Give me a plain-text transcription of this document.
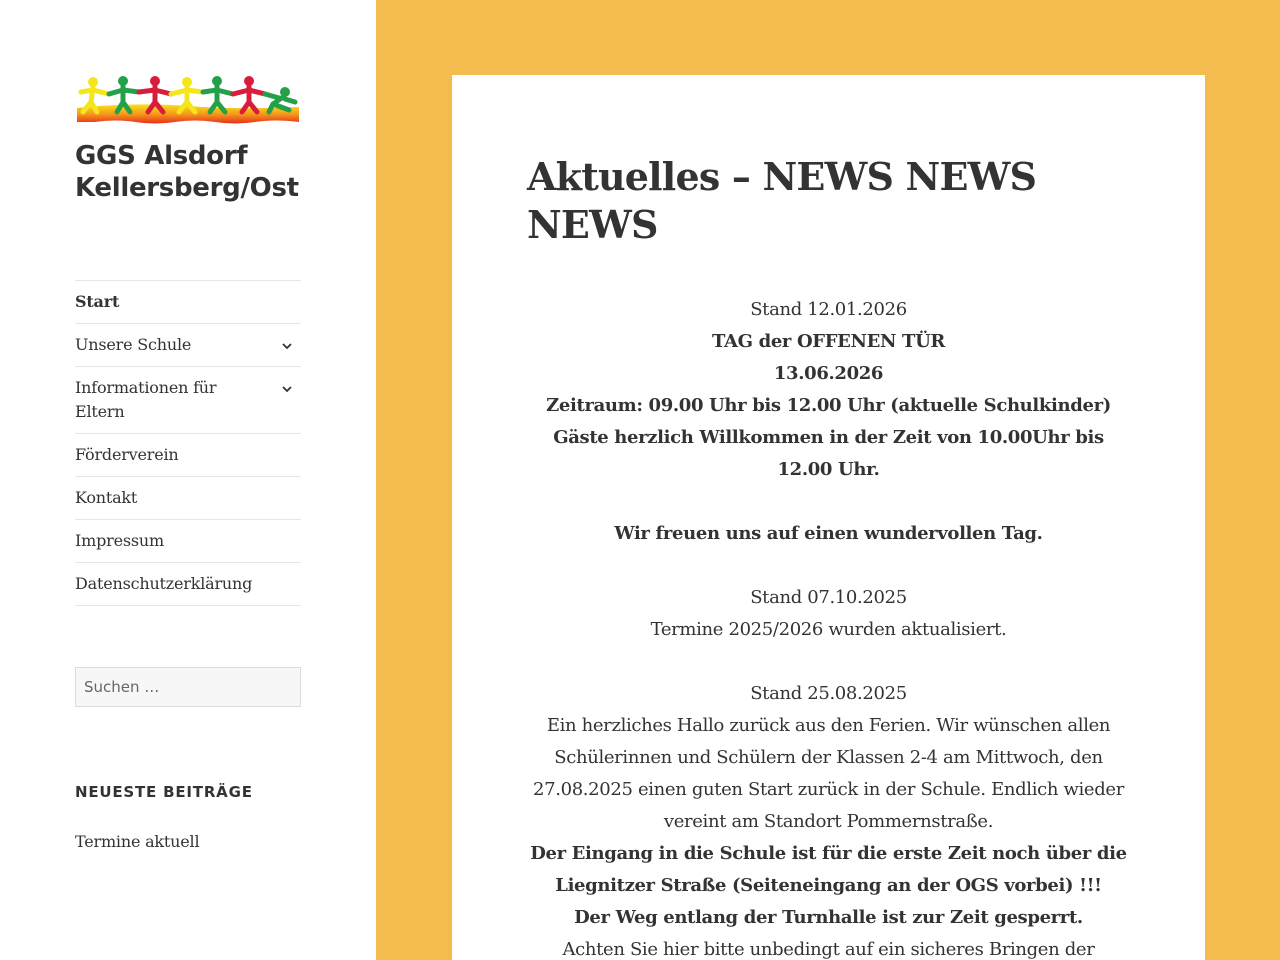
GGS Alsdorf Kellersberg/Ost
Start
Unsere Schule
Informationen für Eltern
Förderverein
Kontakt
Impressum
Datenschutzerklärung
Suchen …
NEUESTE BEITRÄGE
Termine aktuell
Aktuelles – NEWS NEWS NEWS

Stand 12.01.2026

TAG der OFFENEN TÜR

13.06.2026

Zeitraum: 09.00 Uhr bis 12.00 Uhr (aktuelle Schulkinder)

Gäste herzlich Willkommen in der Zeit von 10.00Uhr bis 12.00 Uhr.

Wir freuen uns auf einen wundervollen Tag.

Stand 07.10.2025

Termine 2025/2026 wurden aktualisiert.

Stand 25.08.2025

Ein herzliches Hallo zurück aus den Ferien. Wir wünschen allen Schülerinnen und Schülern der Klassen 2-4 am Mittwoch, den 27.08.2025 einen guten Start zurück in der Schule. Endlich wieder vereint am Standort Pommernstraße.

Der Eingang in die Schule ist für die erste Zeit noch über die Liegnitzer Straße (Seiteneingang an der OGS vorbei) !!!

Der Weg entlang der Turnhalle ist zur Zeit gesperrt.

Achten Sie hier bitte unbedingt auf ein sicheres Bringen der
